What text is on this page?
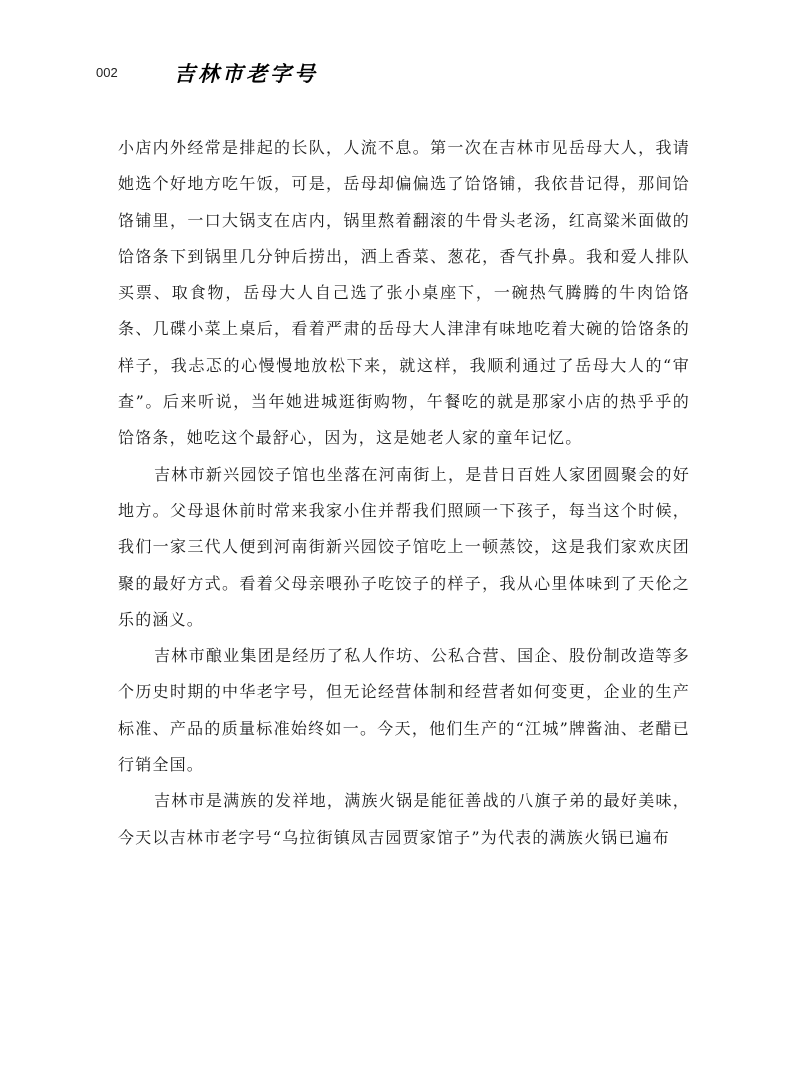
002	吉林市老字号

小店内外经常是排起的长队，人流不息。第一次在吉林市见岳母大人，我请她选个好地方吃午饭，可是，岳母却偏偏选了饸饹铺，我依昔记得，那间饸饹铺里，一口大锅支在店内，锅里熬着翻滚的牛骨头老汤，红高粱米面做的饸饹条下到锅里几分钟后捞出，洒上香菜、葱花，香气扑鼻。我和爱人排队买票、取食物，岳母大人自己选了张小桌座下，一碗热气腾腾的牛肉饸饹条、几碟小菜上桌后，看着严肃的岳母大人津津有味地吃着大碗的饸饹条的样子，我忐忑的心慢慢地放松下来，就这样，我顺利通过了岳母大人的“审查”。后来听说，当年她进城逛街购物，午餐吃的就是那家小店的热乎乎的饸饹条，她吃这个最舒心，因为，这是她老人家的童年记忆。

吉林市新兴园饺子馆也坐落在河南街上，是昔日百姓人家团圆聚会的好地方。父母退休前时常来我家小住并帮我们照顾一下孩子，每当这个时候，我们一家三代人便到河南街新兴园饺子馆吃上一顿蒸饺，这是我们家欢庆团聚的最好方式。看着父母亲喂孙子吃饺子的样子，我从心里体味到了天伦之乐的涵义。

吉林市酿业集团是经历了私人作坊、公私合营、国企、股份制改造等多个历史时期的中华老字号，但无论经营体制和经营者如何变更，企业的生产标准、产品的质量标准始终如一。今天，他们生产的“江城”牌酱油、老醋已行销全国。

吉林市是满族的发祥地，满族火锅是能征善战的八旗子弟的最好美味，今天以吉林市老字号“乌拉街镇凤吉园贾家馆子”为代表的满族火锅已遍布
